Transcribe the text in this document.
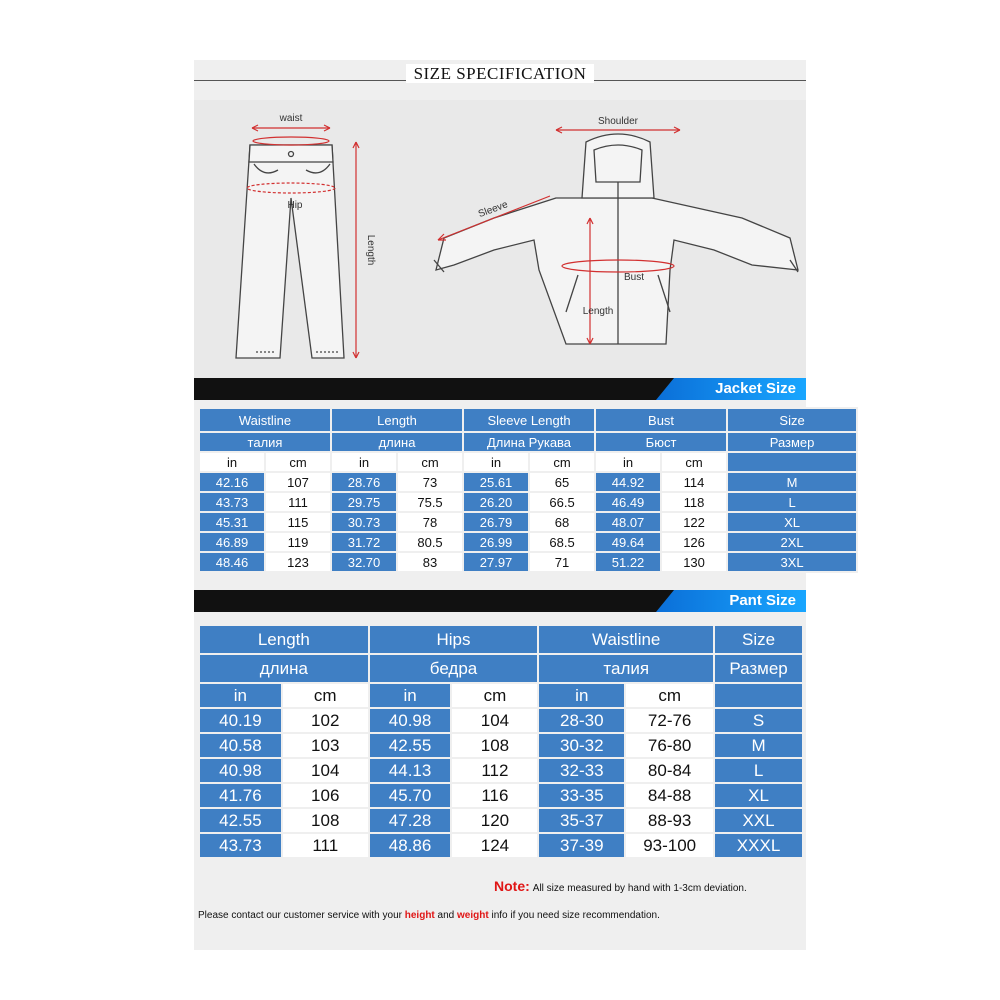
SIZE SPECIFICATION
waist
Hip
Length
Shoulder
Sleeve
Bust
Length
Jacket Size
Waistline		Length		Sleeve Length		Bust		Size
талия		длина		Длина Рукава		Бюст		Размер
in	cm	in	cm	in	cm	in	cm	
42.16	107	28.76	73	25.61	65	44.92	114	M
43.73	111	29.75	75.5	26.20	66.5	46.49	118	L
45.31	115	30.73	78	26.79	68	48.07	122	XL
46.89	119	31.72	80.5	26.99	68.5	49.64	126	2XL
48.46	123	32.70	83	27.97	71	51.22	130	3XL
Pant Size
Length		Hips		Waistline		Size
длина		бедра		талия		Размер
in	cm	in	cm	in	cm	
40.19	102	40.98	104	28-30	72-76	S
40.58	103	42.55	108	30-32	76-80	M
40.98	104	44.13	112	32-33	80-84	L
41.76	106	45.70	116	33-35	84-88	XL
42.55	108	47.28	120	35-37	88-93	XXL
43.73	111	48.86	124	37-39	93-100	XXXL
Note: All size measured by hand with 1-3cm deviation.
Please contact our customer service with your height and weight info if you need size recommendation.
